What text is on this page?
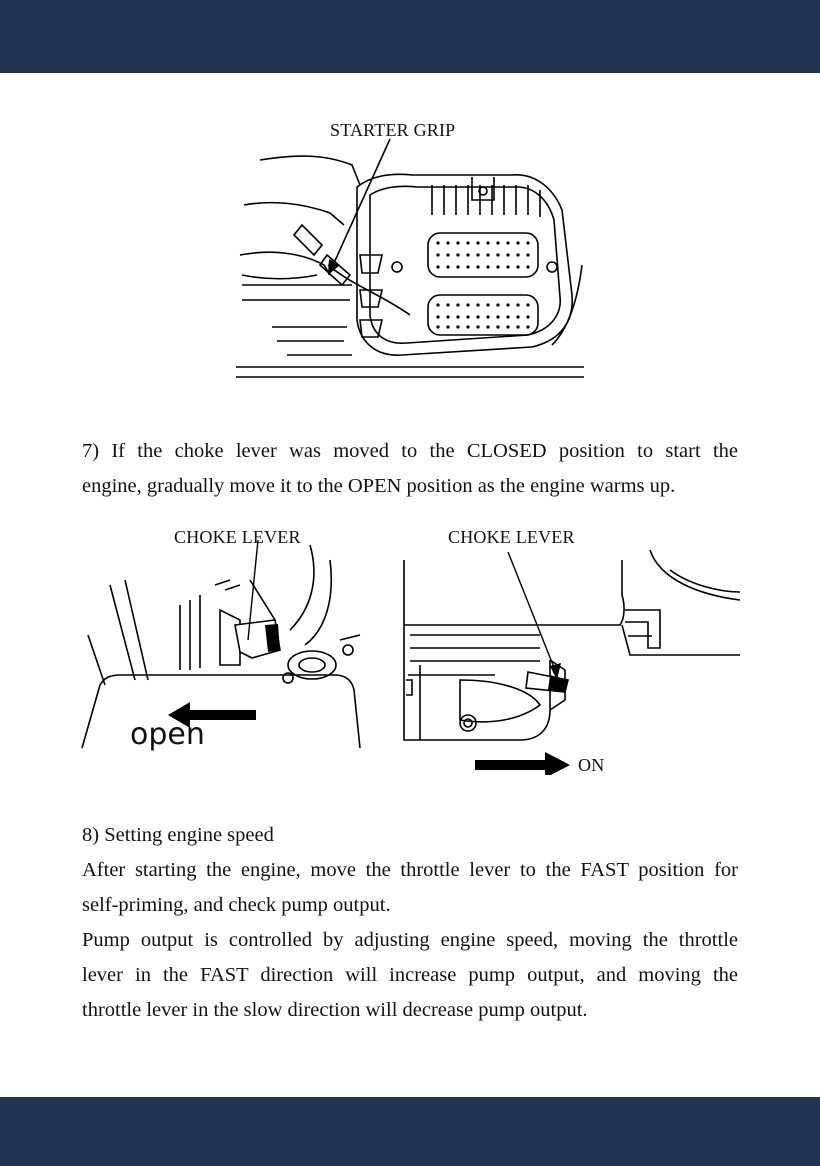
STARTER GRIP

7) If the choke lever was moved to the CLOSED position to start the

engine, gradually move it to the OPEN position as the engine warms up.

CHOKE LEVER
open
CHOKE LEVER
ON

8) Setting engine speed

After starting the engine, move the throttle lever to the FAST position for

self-priming, and check pump output.

Pump output is controlled by adjusting engine speed, moving the throttle

lever in the FAST direction will increase pump output, and moving the

throttle lever in the slow direction will decrease pump output.
